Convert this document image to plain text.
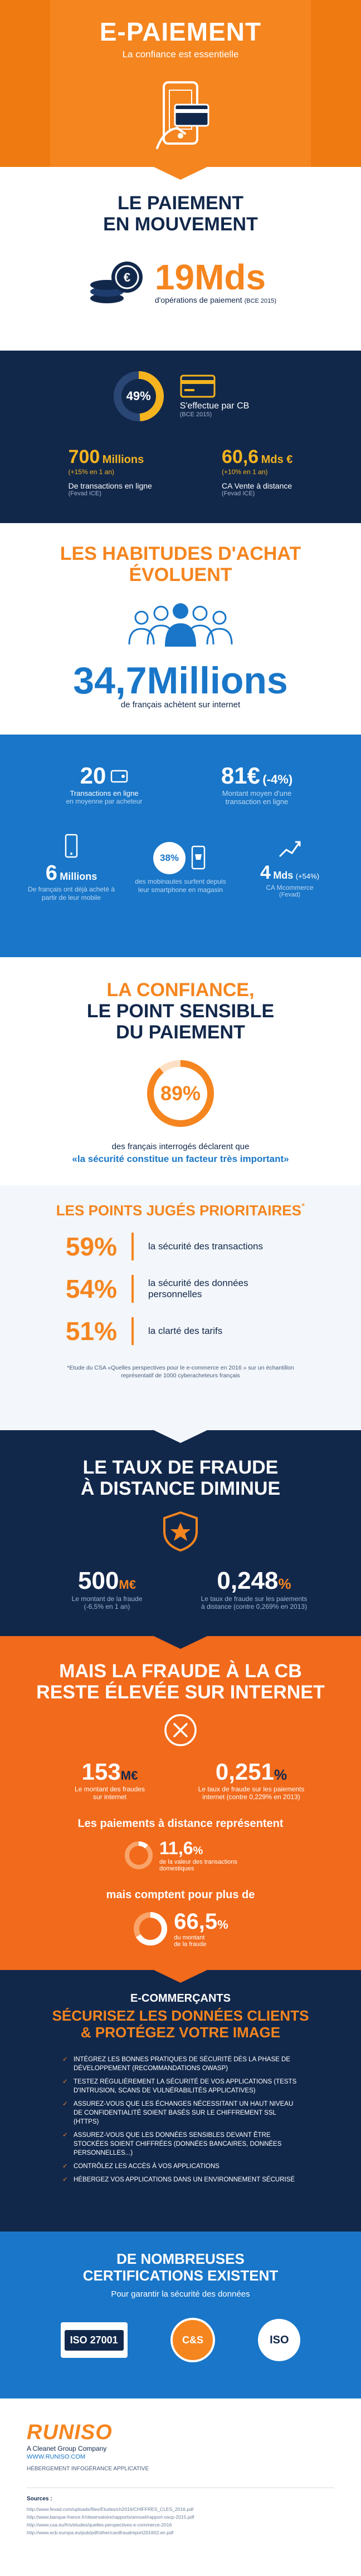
E-PAIEMENT
La confiance est essentielle
LE PAIEMENT
EN MOUVEMENT
€ 19Mds
d'opérations de paiement (BCE 2015)
49%
S'effectue par CB
(BCE 2015)
700 Millions
(+15% en 1 an)
De transactions en ligne
(Fevad ICE)
60,6 Mds €
(+10% en 1 an)
CA Vente à distance
(Fevad ICE)
LES HABITUDES D'ACHAT
ÉVOLUENT
34,7Millions
de français achètent sur internet
20
Transactions en ligne
en moyenne par acheteur
81€ (-4%)
Montant moyen d'une
transaction en ligne
6 Millions
De français ont déjà acheté à partir de leur mobile
38%
des mobinautes surfent depuis leur smartphone en magasin
4 Mds (+54%)
CA Mcommerce
(Fevad)
LA CONFIANCE,
LE POINT SENSIBLE
DU PAIEMENT
89%
des français interrogés déclarent que
«la sécurité constitue un facteur très important»
LES POINTS JUGÉS PRIORITAIRES*
59%	la sécurité des transactions
54%	la sécurité des données personnelles
51%	la clarté des tarifs
*Etude du CSA «Quelles perspectives pour le e-commerce en 2016 » sur un échantillon représentatif de 1000 cyberacheteurs français
LE TAUX DE FRAUDE
À DISTANCE DIMINUE
500M€
Le montant de la fraude
(-6,5% en 1 an)
0,248%
Le taux de fraude sur les paiements
à distance (contre 0,269% en 2013)
MAIS LA FRAUDE À LA CB
RESTE ÉLEVÉE SUR INTERNET
153M€
Le montant des fraudes
sur internet
0,251%
Le taux de fraude sur les paiements
internet (contre 0,229% en 2013)
Les paiements à distance représentent
11,6%
de la valeur des transactions
domestiques
mais comptent pour plus de
66,5%
du montant
de la fraude
E-COMMERÇANTS
SÉCURISEZ LES DONNÉES CLIENTS
& PROTÉGEZ VOTRE IMAGE
✓ INTÉGREZ LES BONNES PRATIQUES DE SÉCURITÉ DÈS LA PHASE DE DÉVELOPPEMENT (RECOMMANDATIONS OWASP)
✓ TESTEZ RÉGULIÈREMENT LA SÉCURITÉ DE VOS APPLICATIONS (TESTS D'INTRUSION, SCANS DE VULNÉRABILITÉS APPLICATIVES)
✓ ASSUREZ-VOUS QUE LES ÉCHANGES NÉCESSITANT UN HAUT NIVEAU DE CONFIDENTIALITÉ SOIENT BASÉS SUR LE CHIFFREMENT SSL (HTTPS)
✓ ASSUREZ-VOUS QUE LES DONNÉES SENSIBLES DEVANT ÊTRE STOCKÉES SOIENT CHIFFRÉES (DONNÉES BANCAIRES, DONNÉES PERSONNELLES...)
✓ CONTRÔLEZ LES ACCÈS À VOS APPLICATIONS
✓ HÉBERGEZ VOS APPLICATIONS DANS UN ENVIRONNEMENT SÉCURISÉ
DE NOMBREUSES
CERTIFICATIONS EXISTENT
Pour garantir la sécurité des données
ISO 27001	C&S	ISO
RUNISO
A Cleanet Group Company
WWW.RUNISO.COM
HÉBERGEMENT INFOGÉRANCE APPLICATIVE
Sources :
http://www.fevad.com/uploads/files/Etudes/ch2016/CHIFFRES_CLES_2016.pdf
http://www.banque-france.fr/observatoire/rapports/annuel/rapport-oscp-2015.pdf
http://www.csa.eu/fr/s/etudes/quelles-perspectives-e-commerce-2016
http://www.ecb.europa.eu/pub/pdf/other/cardfraudreport201602.en.pdf
